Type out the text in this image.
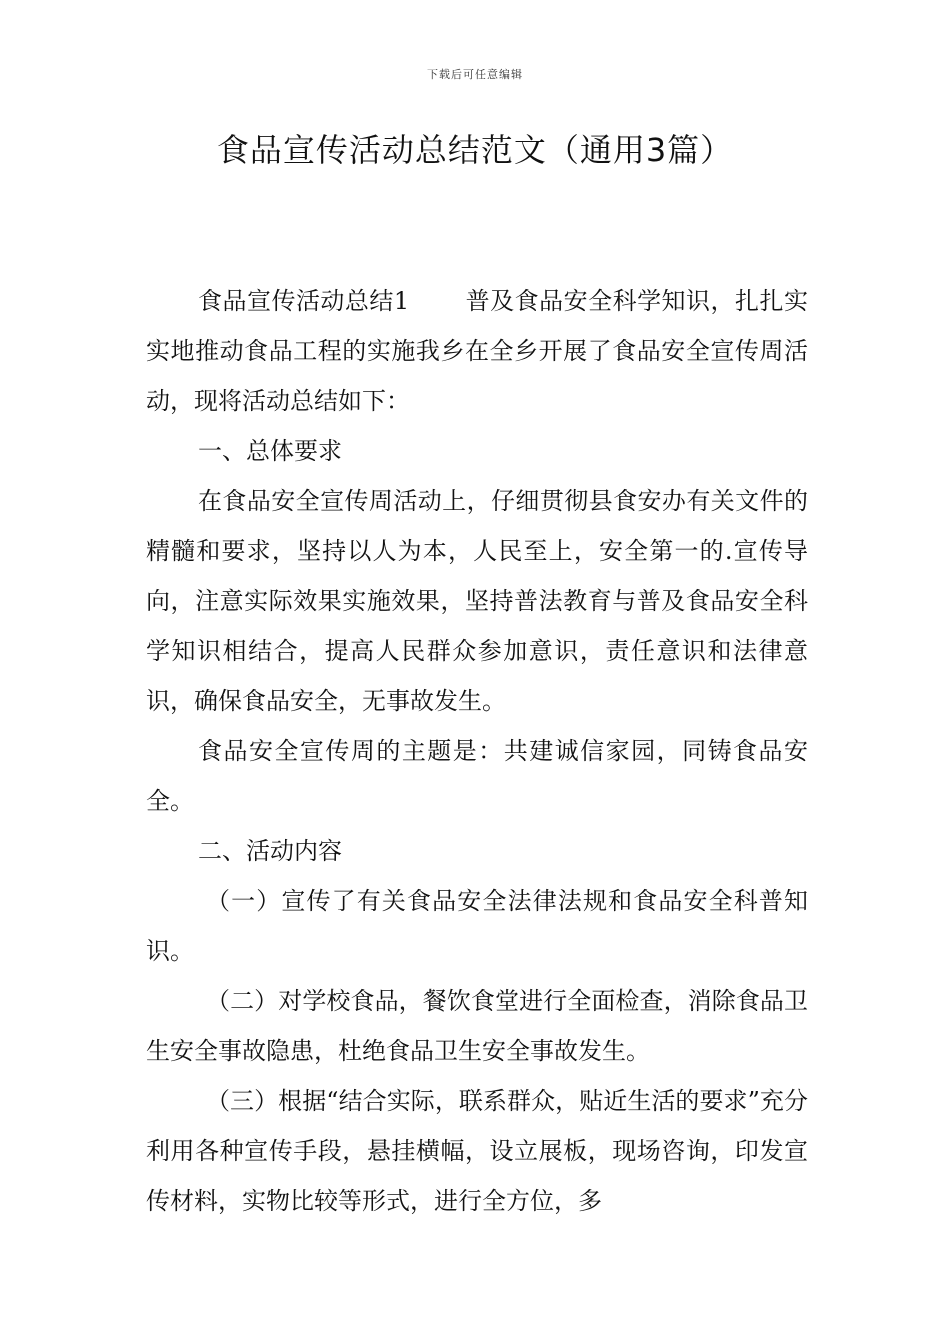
下载后可任意编辑
食品宣传活动总结范文（通用3篇）

食品宣传活动总结1 普及食品安全科学知识，扎扎实实地推动食品工程的实施我乡在全乡开展了食品安全宣传周活动，现将活动总结如下：

一、总体要求

在食品安全宣传周活动上，仔细贯彻县食安办有关文件的精髓和要求，坚持以人为本，人民至上，安全第一的.宣传导向，注意实际效果实施效果，坚持普法教育与普及食品安全科学知识相结合，提高人民群众参加意识，责任意识和法律意识，确保食品安全，无事故发生。

食品安全宣传周的主题是：共建诚信家园，同铸食品安全。

二、活动内容

（一）宣传了有关食品安全法律法规和食品安全科普知识。

（二）对学校食品，餐饮食堂进行全面检查，消除食品卫生安全事故隐患，杜绝食品卫生安全事故发生。

（三）根据“结合实际，联系群众，贴近生活的要求”充分利用各种宣传手段，悬挂横幅，设立展板，现场咨询，印发宣传材料，实物比较等形式，进行全方位，多
